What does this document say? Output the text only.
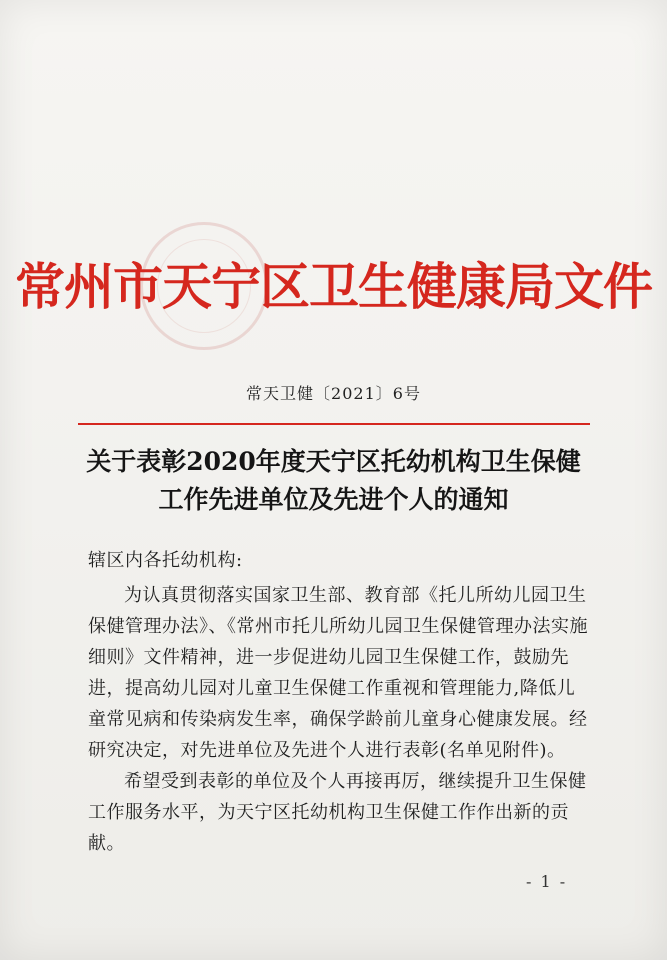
常州市天宁区卫生健康局文件
常天卫健〔2021〕6号
关于表彰2020年度天宁区托幼机构卫生保健
工作先进单位及先进个人的通知

辖区内各托幼机构:

为认真贯彻落实国家卫生部、教育部《托儿所幼儿园卫生保健管理办法》、《常州市托儿所幼儿园卫生保健管理办法实施细则》文件精神，进一步促进幼儿园卫生保健工作，鼓励先进，提高幼儿园对儿童卫生保健工作重视和管理能力,降低儿童常见病和传染病发生率，确保学龄前儿童身心健康发展。经研究决定，对先进单位及先进个人进行表彰(名单见附件)。

希望受到表彰的单位及个人再接再厉，继续提升卫生保健工作服务水平，为天宁区托幼机构卫生保健工作作出新的贡献。

- 1 -
